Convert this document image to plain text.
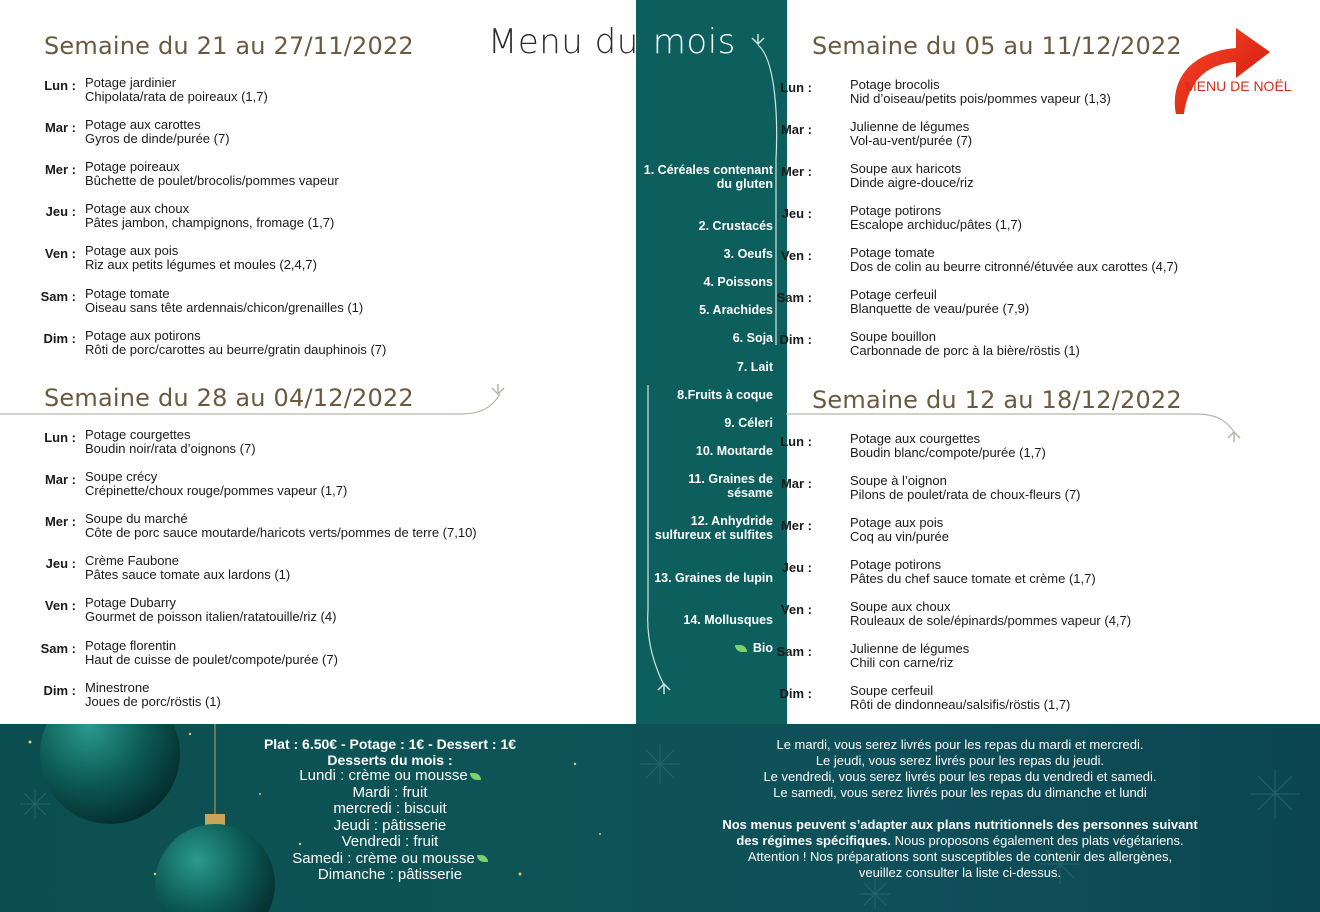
1. Céréales contenant du gluten
2. Crustacés
3. Oeufs
4. Poissons
5. Arachides
6. Soja
7. Lait
8.Fruits à coque
9. Céleri
10. Moutarde
11. Graines de sésame
12. Anhydride sulfureux et sulfites
13. Graines de lupin
14. Mollusques
Bio
Menu du mois
Semaine du 21 au 27/11/2022
Lun : Potage jardinier
Chipolata/rata de poireaux (1,7)
Mar : Potage aux carottes
Gyros de dinde/purée (7)
Mer : Potage poireaux
Bûchette de poulet/brocolis/pommes vapeur
Jeu : Potage aux choux
Pâtes jambon, champignons, fromage (1,7)
Ven : Potage aux pois
Riz aux petits légumes et moules (2,4,7)
Sam : Potage tomate
Oiseau sans tête ardennais/chicon/grenailles (1)
Dim : Potage aux potirons
Rôti de porc/carottes au beurre/gratin dauphinois (7)
Semaine du 28 au 04/12/2022
Lun : Potage courgettes
Boudin noir/rata d’oignons (7)
Mar : Soupe crécy
Crépinette/choux rouge/pommes vapeur (1,7)
Mer : Soupe du marché
Côte de porc sauce moutarde/haricots verts/pommes de terre (7,10)
Jeu : Crème Faubone
Pâtes sauce tomate aux lardons (1)
Ven : Potage Dubarry
Gourmet de poisson italien/ratatouille/riz (4)
Sam : Potage florentin
Haut de cuisse de poulet/compote/purée (7)
Dim : Minestrone
Joues de porc/röstis (1)
Semaine du 05 au 11/12/2022
Lun :	Potage brocolis
Nid d’oiseau/petits pois/pommes vapeur (1,3)
Mar :	Julienne de légumes
Vol-au-vent/purée (7)
Mer :	Soupe aux haricots
Dinde aigre-douce/riz
Jeu :	Potage potirons
Escalope archiduc/pâtes (1,7)
Ven :	Potage tomate
Dos de colin au beurre citronné/étuvée aux carottes (4,7)
Sam :	Potage cerfeuil
Blanquette de veau/purée (7,9)
Dim :	Soupe bouillon
Carbonnade de porc à la bière/röstis (1)
Semaine du 12 au 18/12/2022
Lun :	Potage aux courgettes
Boudin blanc/compote/purée (1,7)
Mar :	Soupe à l’oignon
Pilons de poulet/rata de choux-fleurs (7)
Mer :	Potage aux pois
Coq au vin/purée
Jeu :	Potage potirons
Pâtes du chef sauce tomate et crème (1,7)
Ven :	Soupe aux choux
Rouleaux de sole/épinards/pommes vapeur (4,7)
Sam :	Julienne de légumes
Chili con carne/riz
Dim :	Soupe cerfeuil
Rôti de dindonneau/salsifis/röstis (1,7)
MENU DE NOËL
Plat : 6.50€ - Potage : 1€ - Dessert : 1€
Desserts du mois :
Lundi : crème ou mousse
Mardi : fruit
mercredi : biscuit
Jeudi : pâtisserie
Vendredi : fruit
Samedi : crème ou mousse
Dimanche : pâtisserie
Le mardi, vous serez livrés pour les repas du mardi et mercredi.
Le jeudi, vous serez livrés pour les repas du jeudi.
Le vendredi, vous serez livrés pour les repas du vendredi et samedi.
Le samedi, vous serez livrés pour les repas du dimanche et lundi
Nos menus peuvent s’adapter aux plans nutritionnels des personnes suivant
des régimes spécifiques. Nous proposons également des plats végétariens.
Attention ! Nos préparations sont susceptibles de contenir des allergènes,
veuillez consulter la liste ci-dessus.
